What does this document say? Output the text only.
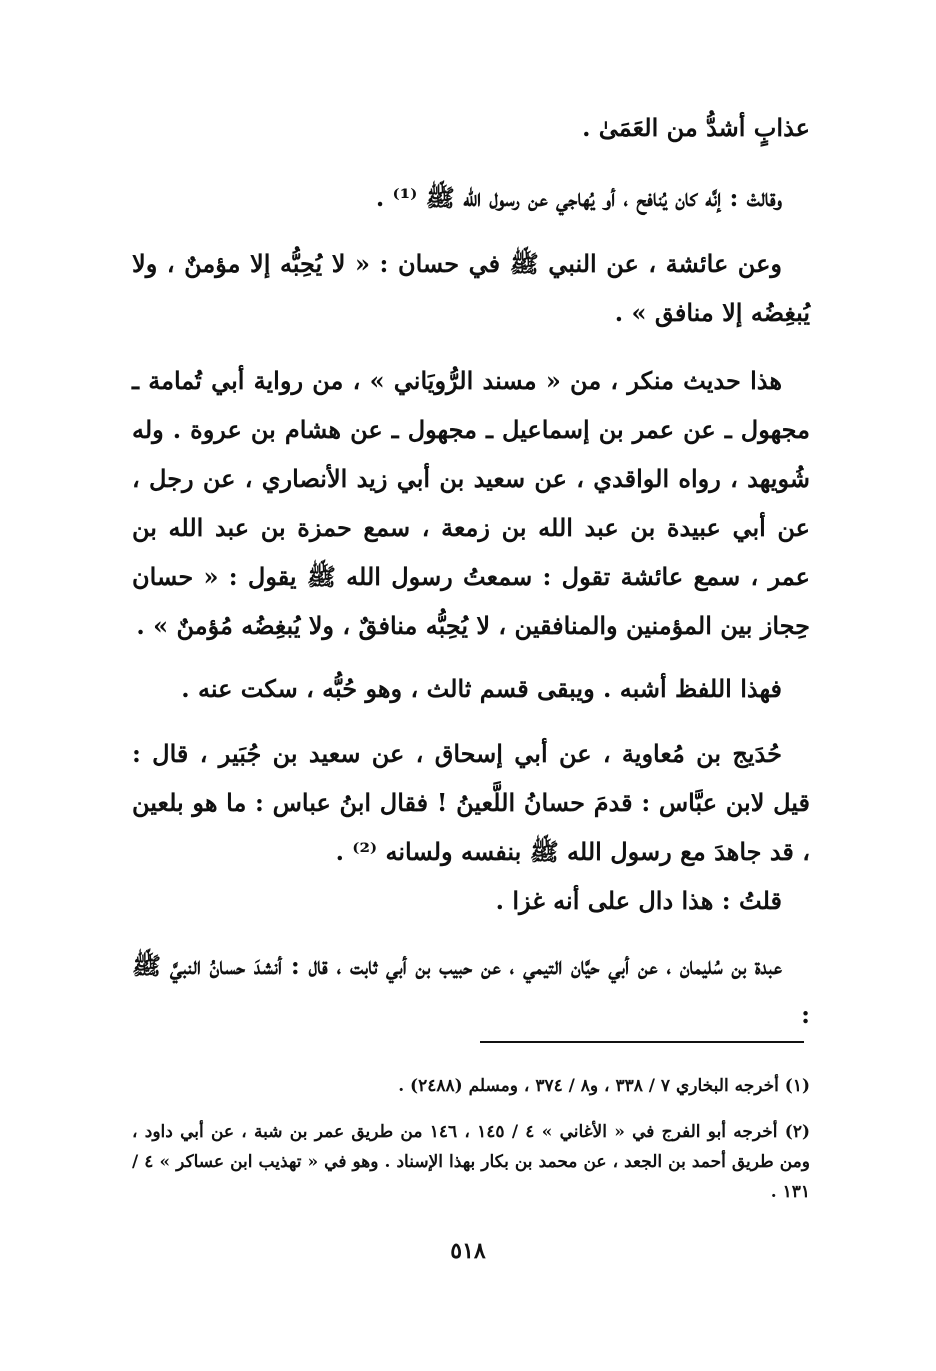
عذابٍ أشدُّ من العَمَىٰ .

وقالتْ : إنَّه كان يُنافح ، أو يُهاجي عن رسول الله ﷺ ⁽¹⁾ .

وعن عائشة ، عن النبي ﷺ في حسان : « لا يُحِبُّه إلا مؤمنٌ ، ولا يُبغِضُه إلا منافق » .

هذا حديث منكر ، من « مسند الرُّويَاني » ، من رواية أبي تُمامة ـ مجهول ـ عن عمر بن إسماعيل ـ مجهول ـ عن هشام بن عروة . وله شُويهد ، رواه الواقدي ، عن سعيد بن أبي زيد الأنصاري ، عن رجل ، عن أبي عبيدة بن عبد الله بن زمعة ، سمع حمزة بن عبد الله بن عمر ، سمع عائشة تقول : سمعتُ رسول الله ﷺ يقول : « حسان حِجاز بين المؤمنين والمنافقين ، لا يُحِبُّه منافقٌ ، ولا يُبغِضُه مُؤمنٌ » .

فهذا اللفظ أشبه . ويبقى قسم ثالث ، وهو حُبُّه ، سكت عنه .

حُدَيج بن مُعاوية ، عن أبي إسحاق ، عن سعيد بن جُبَير ، قال : قيل لابن عبَّاس : قدمَ حسانُ اللَّعينُ ! فقال ابنُ عباس : ما هو بلعين ، قد جاهدَ مع رسول الله ﷺ بنفسه ولسانه ⁽²⁾ .

قلتُ : هذا دال على أنه غزا .

عبدة بن سُليمان ، عن أبي حيَّان التيمي ، عن حبيب بن أبي ثابت ، قال : أنشدَ حسانُ النبيَّ ﷺ :

(١) أخرجه البخاري ٧ / ٣٣٨ ، و٨ / ٣٧٤ ، ومسلم (٢٤٨٨) .

(٢) أخرجه أبو الفرج في « الأغاني » ٤ / ١٤٥ ، ١٤٦ من طريق عمر بن شبة ، عن أبي داود ، ومن طريق أحمد بن الجعد ، عن محمد بن بكار بهذا الإسناد . وهو في « تهذيب ابن عساكر » ٤ / ١٣١ .

٥١٨
